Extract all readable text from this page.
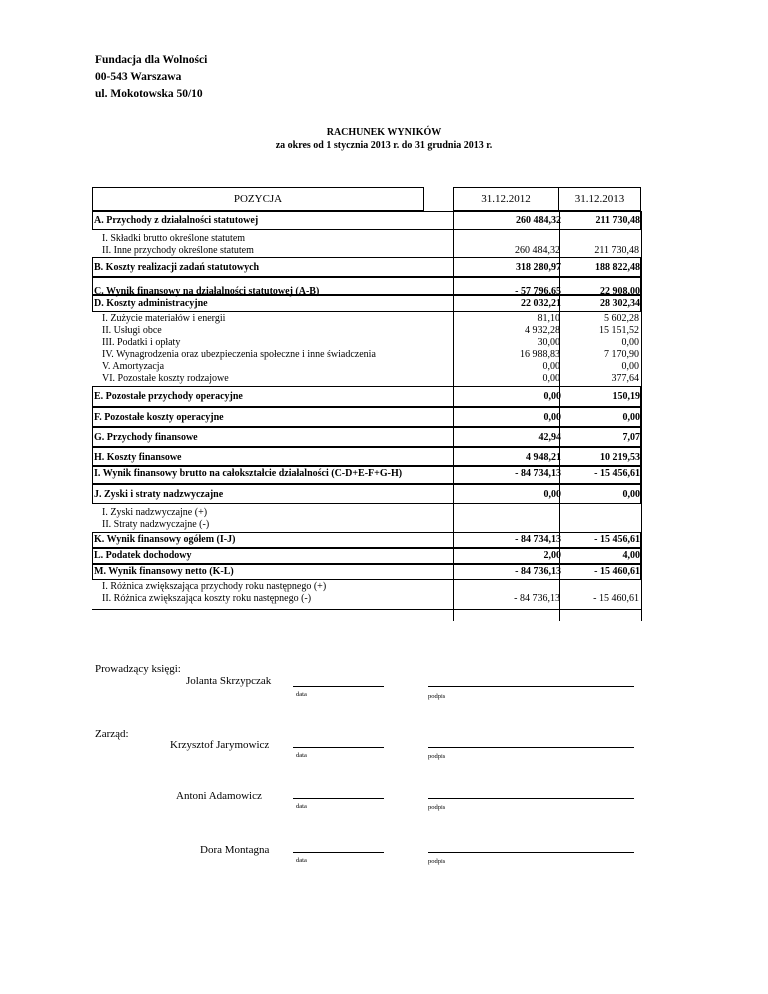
Fundacja dla Wolności
00-543 Warszawa
ul. Mokotowska 50/10
RACHUNEK WYNIKÓW
za okres od 1 stycznia 2013 r. do 31 grudnia 2013 r.
POZYCJA	31.12.2012	31.12.2013
A. Przychody z działalności statutowej	260 484,32	211 730,48
I. Składki brutto określone statutem
II. Inne przychody określone statutem	260 484,32	211 730,48
B. Koszty realizacji zadań statutowych	318 280,97	188 822,48
C. Wynik finansowy na działalności statutowej (A-B)	- 57 796,65	22 908,00
D. Koszty administracyjne	22 032,21	28 302,34
I. Zużycie materiałów i energii	81,10	5 602,28
II. Usługi obce	4 932,28	15 151,52
III. Podatki i opłaty	30,00	0,00
IV. Wynagrodzenia oraz ubezpieczenia społeczne i inne świadczenia	16 988,83	7 170,90
V. Amortyzacja	0,00	0,00
VI. Pozostałe koszty rodzajowe	0,00	377,64
E. Pozostałe przychody operacyjne	0,00	150,19
F. Pozostałe koszty operacyjne	0,00	0,00
G. Przychody finansowe	42,94	7,07
H. Koszty finansowe	4 948,21	10 219,53
I. Wynik finansowy brutto na całokształcie działalności (C-D+E-F+G-H)	- 84 734,13	- 15 456,61
J. Zyski i straty nadzwyczajne	0,00	0,00
I. Zyski nadzwyczajne (+)
II. Straty nadzwyczajne (-)
K. Wynik finansowy ogółem (I-J)	- 84 734,13	- 15 456,61
L. Podatek dochodowy	2,00	4,00
M. Wynik finansowy netto (K-L)	- 84 736,13	- 15 460,61
I. Różnica zwiększająca przychody roku następnego (+)
II. Różnica zwiększająca koszty roku następnego (-)	- 84 736,13	- 15 460,61
Prowadzący księgi:
Jolanta Skrzypczak
data	podpis
Zarząd:
Krzysztof Jarymowicz
data	podpis
Antoni Adamowicz
data	podpis
Dora Montagna
data	podpis
